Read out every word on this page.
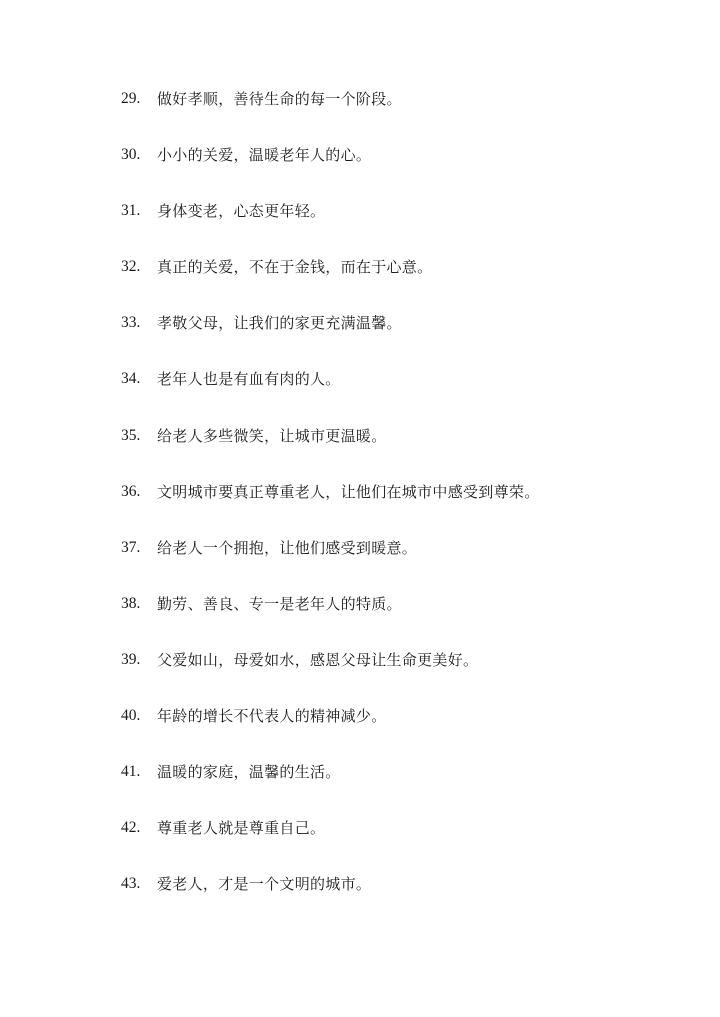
29.	做好孝顺，善待生命的每一个阶段。
30.	小小的关爱，温暖老年人的心。
31.	身体变老，心态更年轻。
32.	真正的关爱，不在于金钱，而在于心意。
33.	孝敬父母，让我们的家更充满温馨。
34.	老年人也是有血有肉的人。
35.	给老人多些微笑，让城市更温暖。
36.	文明城市要真正尊重老人，让他们在城市中感受到尊荣。
37.	给老人一个拥抱，让他们感受到暖意。
38.	勤劳、善良、专一是老年人的特质。
39.	父爱如山，母爱如水，感恩父母让生命更美好。
40.	年龄的增长不代表人的精神减少。
41.	温暖的家庭，温馨的生活。
42.	尊重老人就是尊重自己。
43.	爱老人，才是一个文明的城市。
